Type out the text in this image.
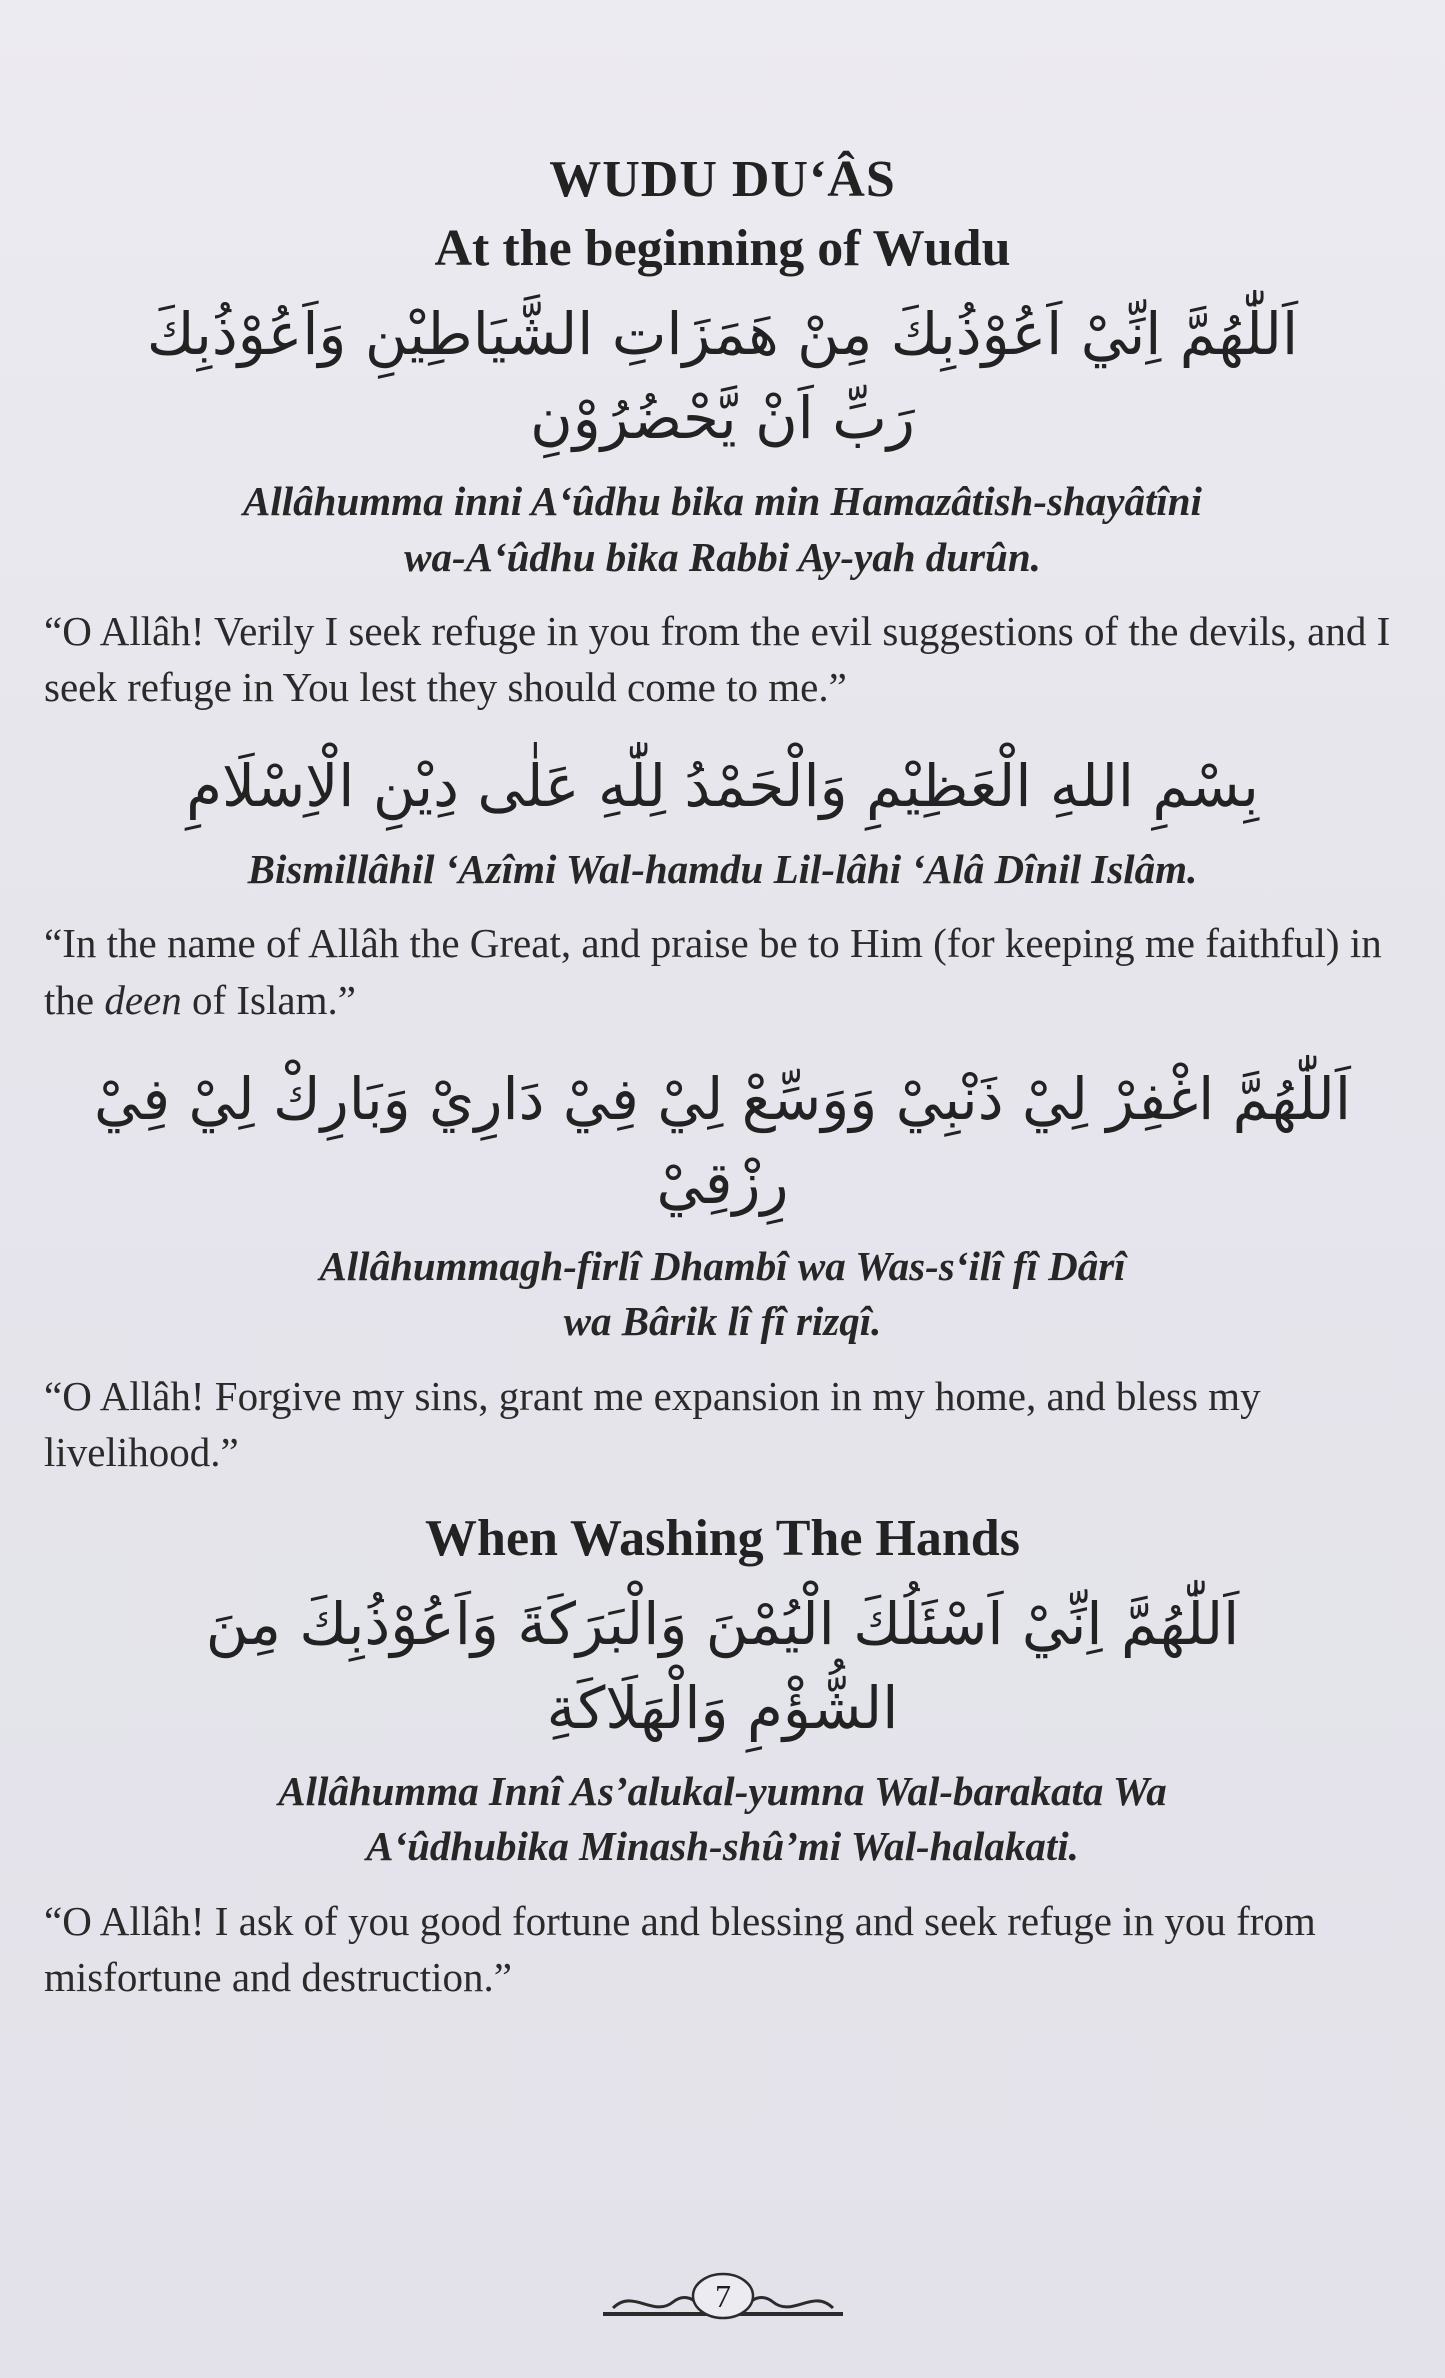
WUDU DU‘ÂS
At the beginning of Wudu
اَللّٰهُمَّ اِنِّيْ اَعُوْذُبِكَ مِنْ هَمَزَاتِ الشَّيَاطِيْنِ وَاَعُوْذُبِكَ
رَبِّ اَنْ يَّحْضُرُوْنِ
Allâhumma inni A‘ûdhu bika min Hamazâtish-shayâtîni
wa-A‘ûdhu bika Rabbi Ay-yah durûn.

“O Allâh! Verily I seek refuge in you from the evil suggestions of the devils, and I seek refuge in You lest they should come to me.”

بِسْمِ اللهِ الْعَظِيْمِ وَالْحَمْدُ لِلّٰهِ عَلٰى دِيْنِ الْاِسْلَامِ
Bismillâhil ‘Azîmi Wal-hamdu Lil-lâhi ‘Alâ Dînil Islâm.

“In the name of Allâh the Great, and praise be to Him (for keeping me faithful) in the deen of Islam.”

اَللّٰهُمَّ اغْفِرْ لِيْ ذَنْبِيْ وَوَسِّعْ لِيْ فِيْ دَارِيْ وَبَارِكْ لِيْ فِيْ رِزْقِيْ
Allâhummagh-firlî Dhambî wa Was-s‘ilî fî Dârî
wa Bârik lî fî rizqî.

“O Allâh! Forgive my sins, grant me expansion in my home, and bless my livelihood.”

When Washing The Hands
اَللّٰهُمَّ اِنِّيْ اَسْئَلُكَ الْيُمْنَ وَالْبَرَكَةَ وَاَعُوْذُبِكَ مِنَ
الشُّؤْمِ وَالْهَلَاكَةِ
Allâhumma Innî As’alukal-yumna Wal-barakata Wa
A‘ûdhubika Minash-shû’mi Wal-halakati.

“O Allâh! I ask of you good fortune and blessing and seek refuge in you from misfortune and destruction.”

7
